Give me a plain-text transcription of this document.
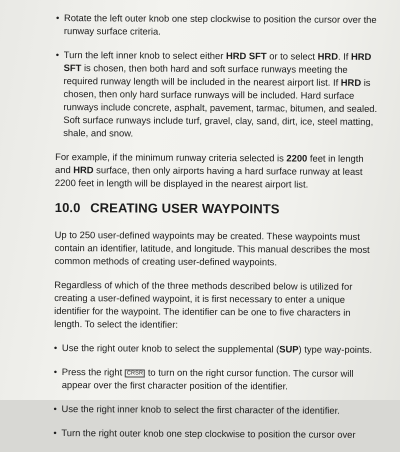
• Rotate the left outer knob one step clockwise to position the cursor over the runway surface criteria.
• Turn the left inner knob to select either HRD SFT or to select HRD. If HRD SFT is chosen, then both hard and soft surface runways meeting the required runway length will be included in the nearest airport list. If HRD is chosen, then only hard surface runways will be included. Hard surface runways include concrete, asphalt, pavement, tarmac, bitumen, and sealed. Soft surface runways include turf, gravel, clay, sand, dirt, ice, steel matting, shale, and snow.
For example, if the minimum runway criteria selected is 2200 feet in length and HRD surface, then only airports having a hard surface runway at least 2200 feet in length will be displayed in the nearest airport list.
10.0 CREATING USER WAYPOINTS
Up to 250 user-defined waypoints may be created. These waypoints must contain an identifier, latitude, and longitude. This manual describes the most common methods of creating user-defined waypoints.
Regardless of which of the three methods described below is utilized for creating a user-defined waypoint, it is first necessary to enter a unique identifier for the waypoint. The identifier can be one to five characters in length. To select the identifier:
• Use the right outer knob to select the supplemental (SUP) type way-points.
• Press the right CRSR to turn on the right cursor function. The cursor will appear over the first character position of the identifier.
• Use the right inner knob to select the first character of the identifier.
• Turn the right outer knob one step clockwise to position the cursor over
